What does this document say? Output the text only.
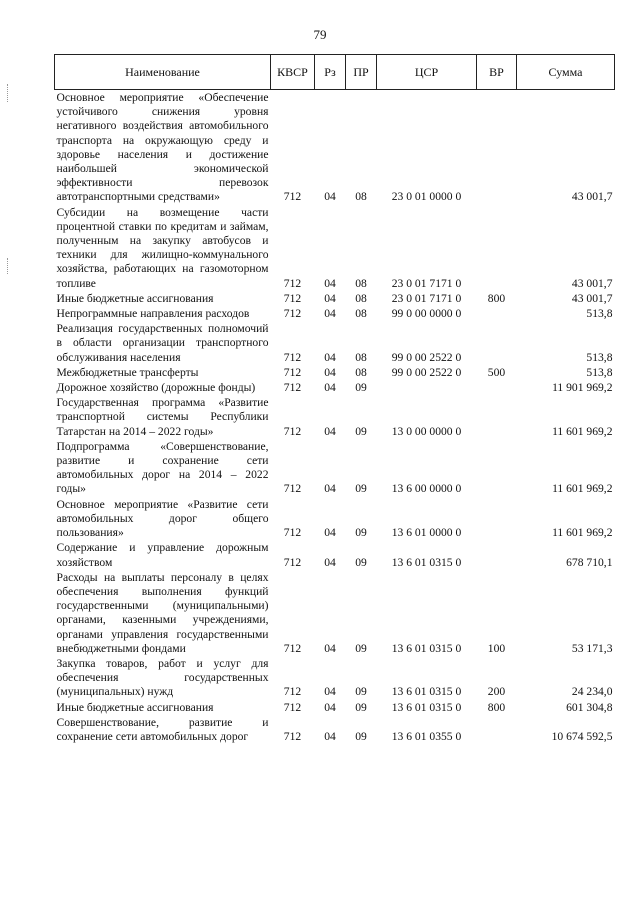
79
Наименование	КВСР	Рз	ПР	ЦСР	ВР	Сумма
Основное мероприятие «Обеспечение устойчивого снижения уровня негативного воздействия автомобильного транспорта на окружающую среду и здоровье населения и достижение наибольшей экономической эффективности перевозок автотранспортными средствами»	712	04	08	23 0 01 0000 0		43 001,7
Субсидии на возмещение части процентной ставки по кредитам и займам, полученным на закупку автобусов и техники для жилищно-коммунального хозяйства, работающих на газомоторном топливе	712	04	08	23 0 01 7171 0		43 001,7
Иные бюджетные ассигнования	712	04	08	23 0 01 7171 0	800	43 001,7
Непрограммные направления расходов	712	04	08	99 0 00 0000 0		513,8
Реализация государственных полномочий в области организации транспортного обслуживания населения	712	04	08	99 0 00 2522 0		513,8
Межбюджетные трансферты	712	04	08	99 0 00 2522 0	500	513,8
Дорожное хозяйство (дорожные фонды)	712	04	09			11 901 969,2
Государственная программа «Развитие транспортной системы Республики Татарстан на 2014 – 2022 годы»	712	04	09	13 0 00 0000 0		11 601 969,2
Подпрограмма «Совершенствование, развитие и сохранение сети автомобильных дорог на 2014 – 2022 годы»	712	04	09	13 6 00 0000 0		11 601 969,2
Основное мероприятие «Развитие сети автомобильных дорог общего пользования»	712	04	09	13 6 01 0000 0		11 601 969,2
Содержание и управление дорожным хозяйством	712	04	09	13 6 01 0315 0		678 710,1
Расходы на выплаты персоналу в целях обеспечения выполнения функций государственными (муниципальными) органами, казенными учреждениями, органами управления государственными внебюджетными фондами	712	04	09	13 6 01 0315 0	100	53 171,3
Закупка товаров, работ и услуг для обеспечения государственных (муниципальных) нужд	712	04	09	13 6 01 0315 0	200	24 234,0
Иные бюджетные ассигнования	712	04	09	13 6 01 0315 0	800	601 304,8
Совершенствование, развитие и сохранение сети автомобильных дорог	712	04	09	13 6 01 0355 0		10 674 592,5
